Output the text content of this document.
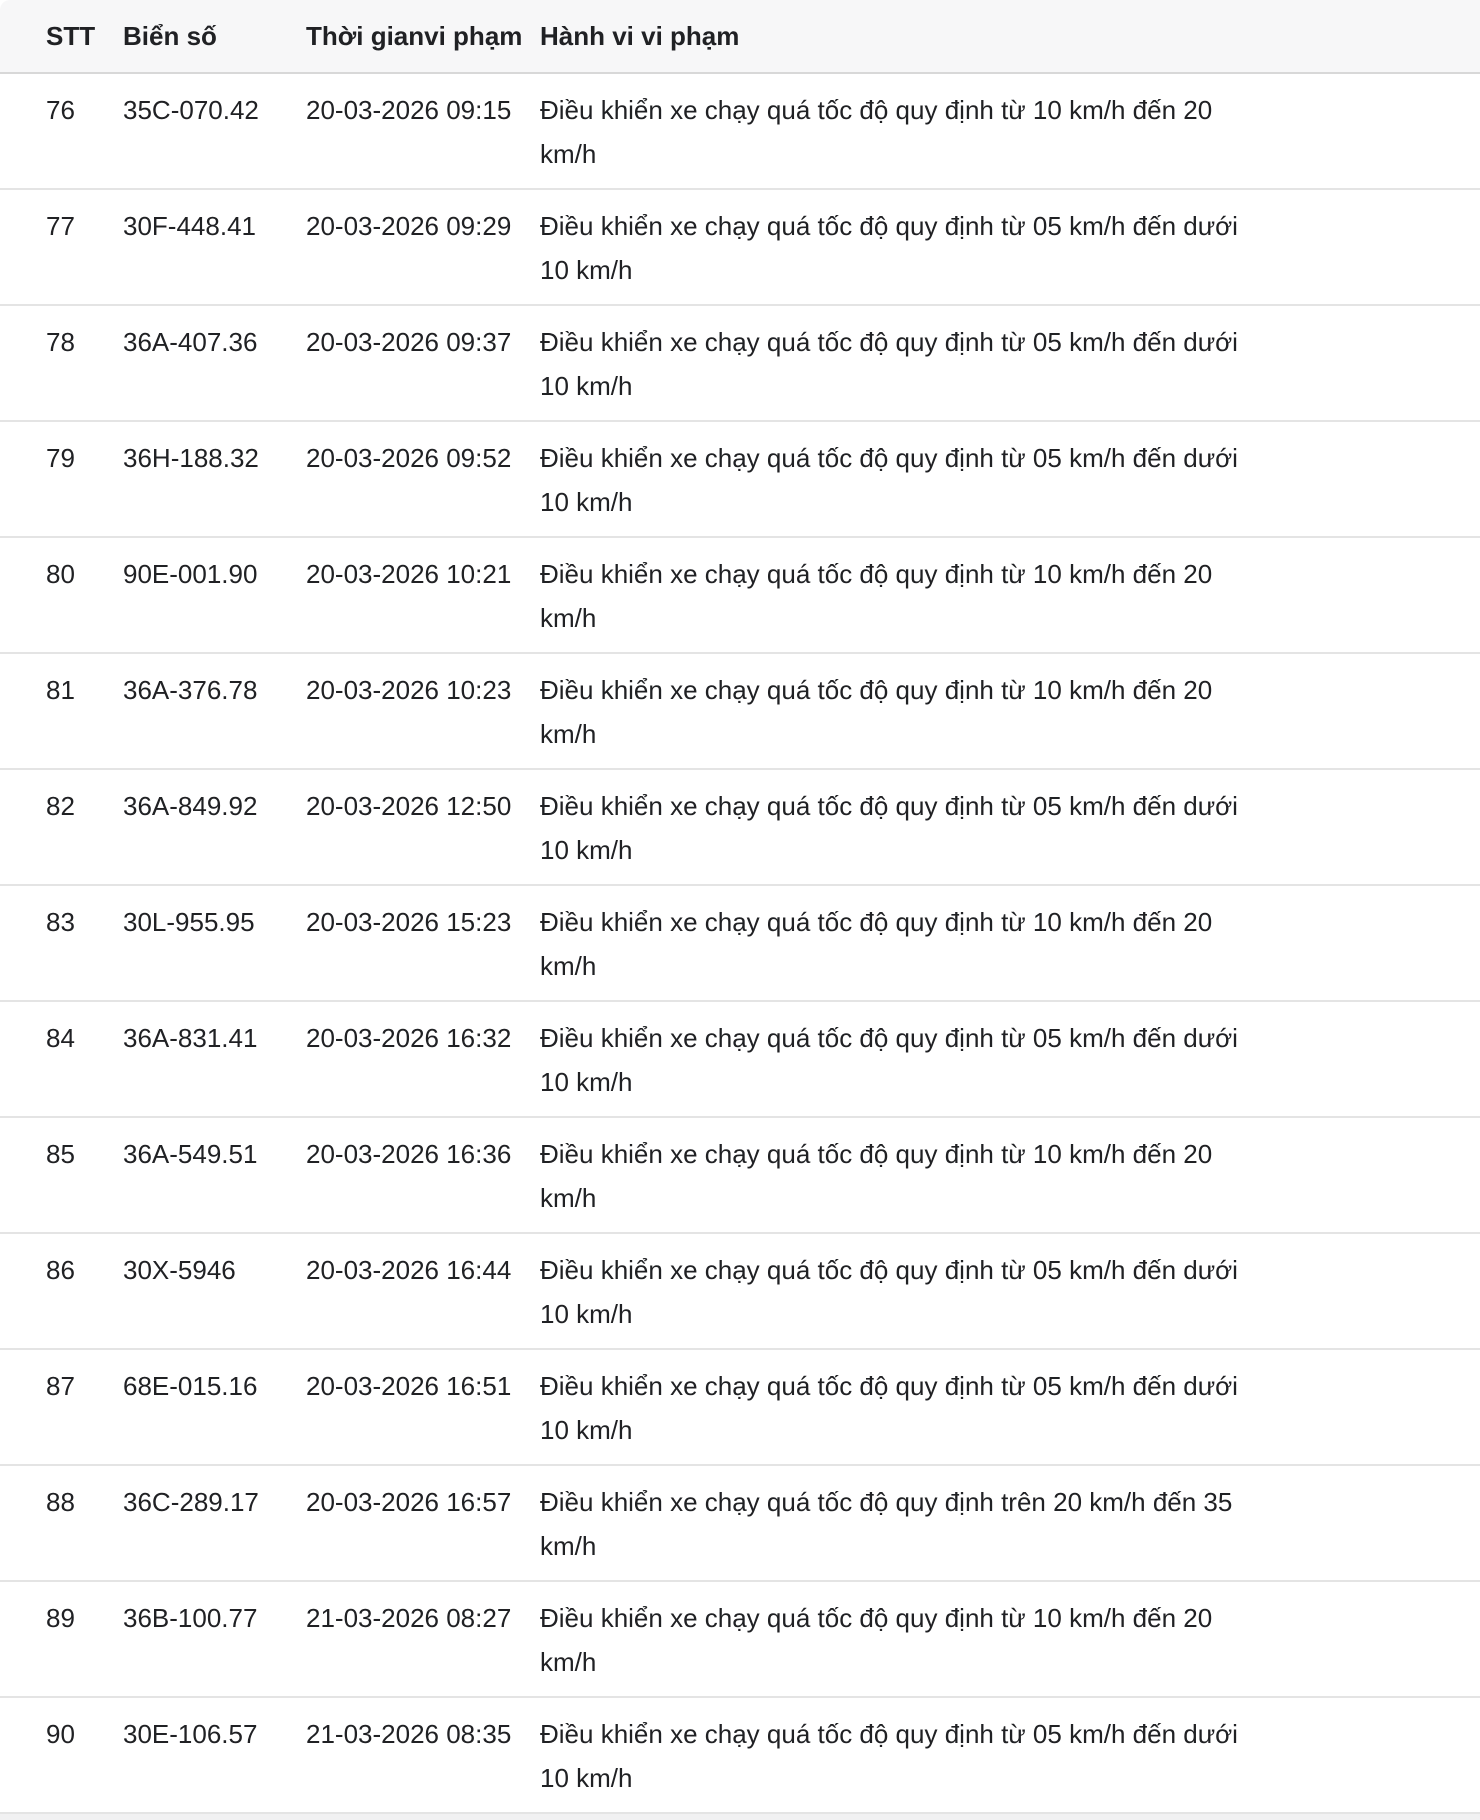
STT	Biển số	Thời gianvi phạm	Hành vi vi phạm
76	35C-070.42	20-03-2026 09:15	Điều khiển xe chạy quá tốc độ quy định từ 10 km/h đến 20 km/h

77	30F-448.41	20-03-2026 09:29	Điều khiển xe chạy quá tốc độ quy định từ 05 km/h đến dưới 10 km/h

78	36A-407.36	20-03-2026 09:37	Điều khiển xe chạy quá tốc độ quy định từ 05 km/h đến dưới 10 km/h

79	36H-188.32	20-03-2026 09:52	Điều khiển xe chạy quá tốc độ quy định từ 05 km/h đến dưới 10 km/h

80	90E-001.90	20-03-2026 10:21	Điều khiển xe chạy quá tốc độ quy định từ 10 km/h đến 20 km/h

81	36A-376.78	20-03-2026 10:23	Điều khiển xe chạy quá tốc độ quy định từ 10 km/h đến 20 km/h

82	36A-849.92	20-03-2026 12:50	Điều khiển xe chạy quá tốc độ quy định từ 05 km/h đến dưới 10 km/h

83	30L-955.95	20-03-2026 15:23	Điều khiển xe chạy quá tốc độ quy định từ 10 km/h đến 20 km/h

84	36A-831.41	20-03-2026 16:32	Điều khiển xe chạy quá tốc độ quy định từ 05 km/h đến dưới 10 km/h

85	36A-549.51	20-03-2026 16:36	Điều khiển xe chạy quá tốc độ quy định từ 10 km/h đến 20 km/h

86	30X-5946	20-03-2026 16:44	Điều khiển xe chạy quá tốc độ quy định từ 05 km/h đến dưới 10 km/h

87	68E-015.16	20-03-2026 16:51	Điều khiển xe chạy quá tốc độ quy định từ 05 km/h đến dưới 10 km/h

88	36C-289.17	20-03-2026 16:57	Điều khiển xe chạy quá tốc độ quy định trên 20 km/h đến 35 km/h

89	36B-100.77	21-03-2026 08:27	Điều khiển xe chạy quá tốc độ quy định từ 10 km/h đến 20 km/h

90	30E-106.57	21-03-2026 08:35	Điều khiển xe chạy quá tốc độ quy định từ 05 km/h đến dưới 10 km/h
